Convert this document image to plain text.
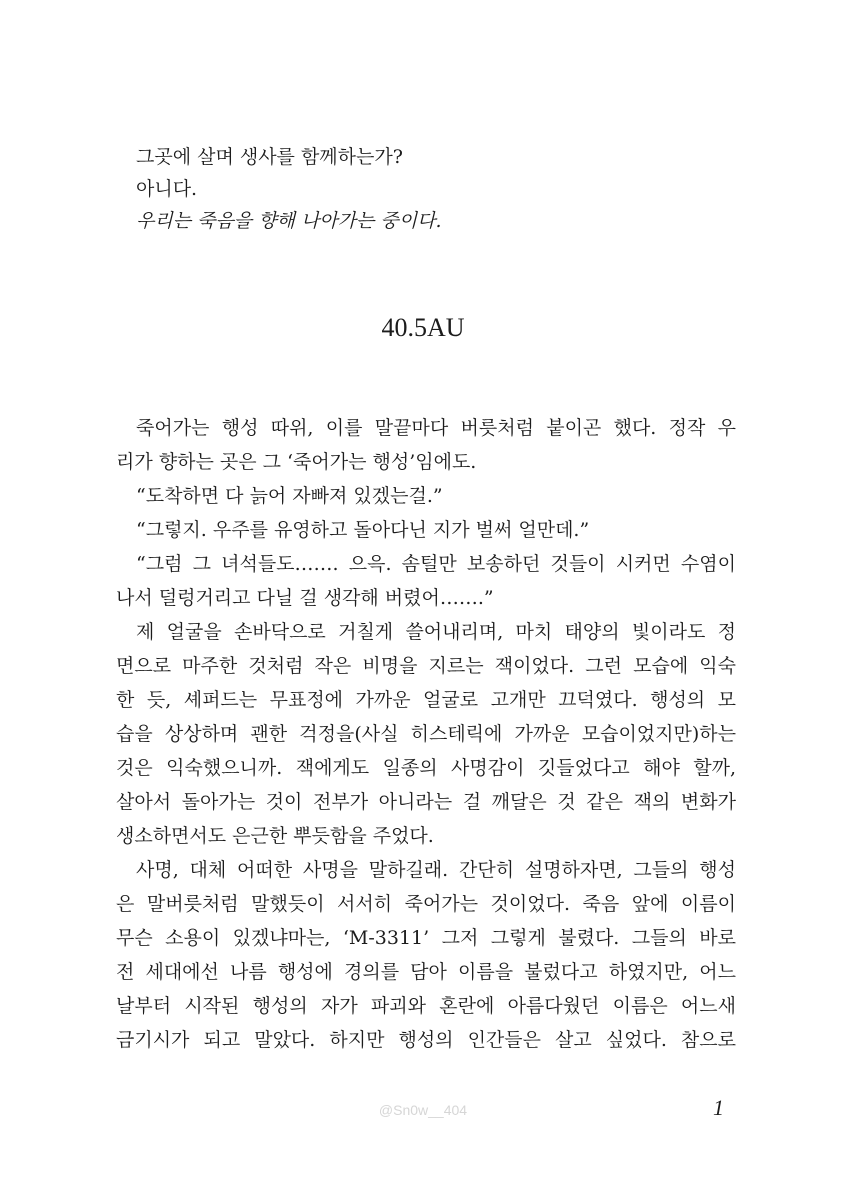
그곳에 살며 생사를 함께하는가?
아니다.
우리는 죽음을 향해 나아가는 중이다.
40.5AU
죽어가는 행성 따위, 이를 말끝마다 버릇처럼 붙이곤 했다. 정작 우
리가 향하는 곳은 그 ‘죽어가는 행성’임에도.
“도착하면 다 늙어 자빠져 있겠는걸.”
“그렇지. 우주를 유영하고 돌아다닌 지가 벌써 얼만데.”
“그럼 그 녀석들도……. 으윽. 솜털만 보송하던 것들이 시커먼 수염이
나서 덜렁거리고 다닐 걸 생각해 버렸어…….”
제 얼굴을 손바닥으로 거칠게 쓸어내리며, 마치 태양의 빛이라도 정
면으로 마주한 것처럼 작은 비명을 지르는 잭이었다. 그런 모습에 익숙
한 듯, 셰퍼드는 무표정에 가까운 얼굴로 고개만 끄덕였다. 행성의 모
습을 상상하며 괜한 걱정을(사실 히스테릭에 가까운 모습이었지만)하는
것은 익숙했으니까. 잭에게도 일종의 사명감이 깃들었다고 해야 할까,
살아서 돌아가는 것이 전부가 아니라는 걸 깨달은 것 같은 잭의 변화가
생소하면서도 은근한 뿌듯함을 주었다.
사명, 대체 어떠한 사명을 말하길래. 간단히 설명하자면, 그들의 행성
은 말버릇처럼 말했듯이 서서히 죽어가는 것이었다. 죽음 앞에 이름이
무슨 소용이 있겠냐마는, ‘M-3311’ 그저 그렇게 불렸다. 그들의 바로
전 세대에선 나름 행성에 경의를 담아 이름을 불렀다고 하였지만, 어느
날부터 시작된 행성의 자가 파괴와 혼란에 아름다웠던 이름은 어느새
금기시가 되고 말았다. 하지만 행성의 인간들은 살고 싶었다. 참으로
@Sn0w__404	1
